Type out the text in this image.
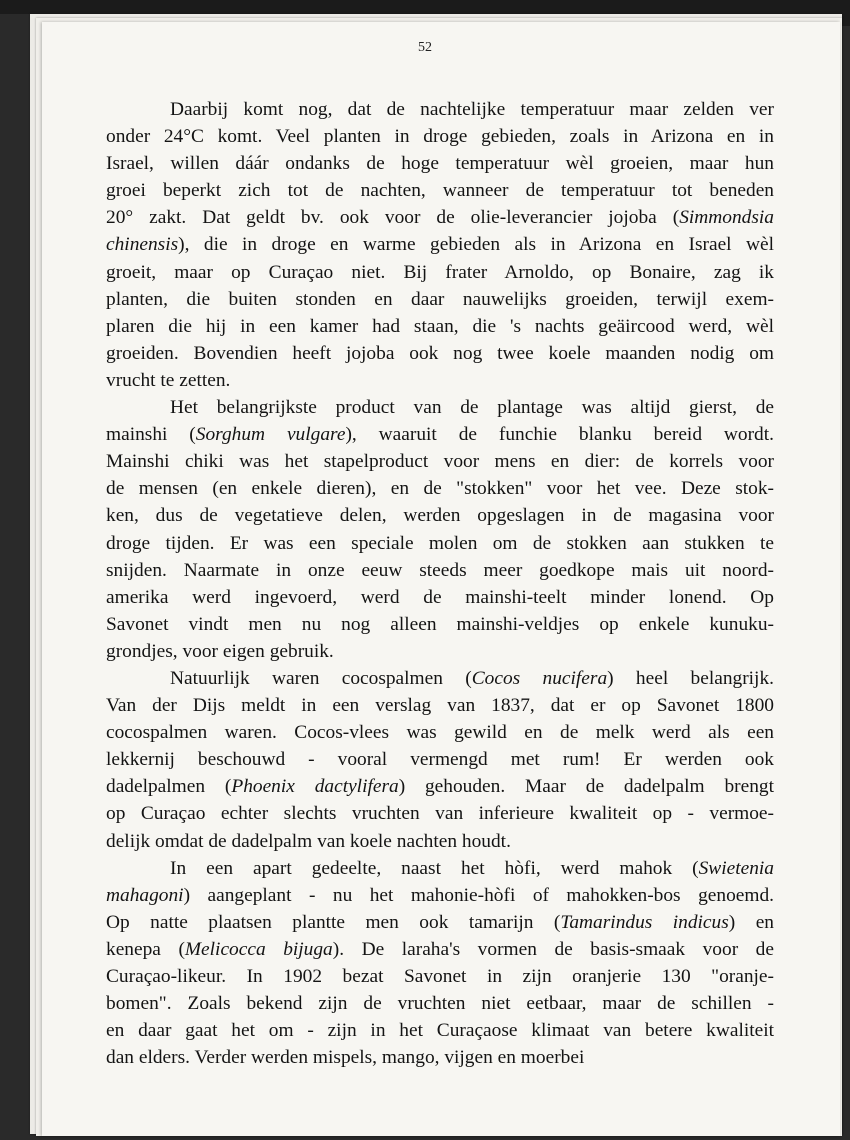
52
Daarbij komt nog, dat de nachtelijke temperatuur maar zelden ver
onder 24°C komt. Veel planten in droge gebieden, zoals in Arizona en in
Israel, willen dáár ondanks de hoge temperatuur wèl groeien, maar hun
groei beperkt zich tot de nachten, wanneer de temperatuur tot beneden
20° zakt. Dat geldt bv. ook voor de olie-leverancier jojoba (Simmondsia
chinensis), die in droge en warme gebieden als in Arizona en Israel wèl
groeit, maar op Curaçao niet. Bij frater Arnoldo, op Bonaire, zag ik
planten, die buiten stonden en daar nauwelijks groeiden, terwijl exem-
plaren die hij in een kamer had staan, die 's nachts geäircood werd, wèl
groeiden. Bovendien heeft jojoba ook nog twee koele maanden nodig om
vrucht te zetten.
Het belangrijkste product van de plantage was altijd gierst, de
mainshi (Sorghum vulgare), waaruit de funchie blanku bereid wordt.
Mainshi chiki was het stapelproduct voor mens en dier: de korrels voor
de mensen (en enkele dieren), en de "stokken" voor het vee. Deze stok-
ken, dus de vegetatieve delen, werden opgeslagen in de magasina voor
droge tijden. Er was een speciale molen om de stokken aan stukken te
snijden. Naarmate in onze eeuw steeds meer goedkope mais uit noord-
amerika werd ingevoerd, werd de mainshi-teelt minder lonend. Op
Savonet vindt men nu nog alleen mainshi-veldjes op enkele kunuku-
grondjes, voor eigen gebruik.
Natuurlijk waren cocospalmen (Cocos nucifera) heel belangrijk.
Van der Dijs meldt in een verslag van 1837, dat er op Savonet 1800
cocospalmen waren. Cocos-vlees was gewild en de melk werd als een
lekkernij beschouwd - vooral vermengd met rum! Er werden ook
dadelpalmen (Phoenix dactylifera) gehouden. Maar de dadelpalm brengt
op Curaçao echter slechts vruchten van inferieure kwaliteit op - vermoe-
delijk omdat de dadelpalm van koele nachten houdt.
In een apart gedeelte, naast het hòfi, werd mahok (Swietenia
mahagoni) aangeplant - nu het mahonie-hòfi of mahokken-bos genoemd.
Op natte plaatsen plantte men ook tamarijn (Tamarindus indicus) en
kenepa (Melicocca bijuga). De laraha's vormen de basis-smaak voor de
Curaçao-likeur. In 1902 bezat Savonet in zijn oranjerie 130 "oranje-
bomen". Zoals bekend zijn de vruchten niet eetbaar, maar de schillen -
en daar gaat het om - zijn in het Curaçaose klimaat van betere kwaliteit
dan elders. Verder werden mispels, mango, vijgen en moerbei
